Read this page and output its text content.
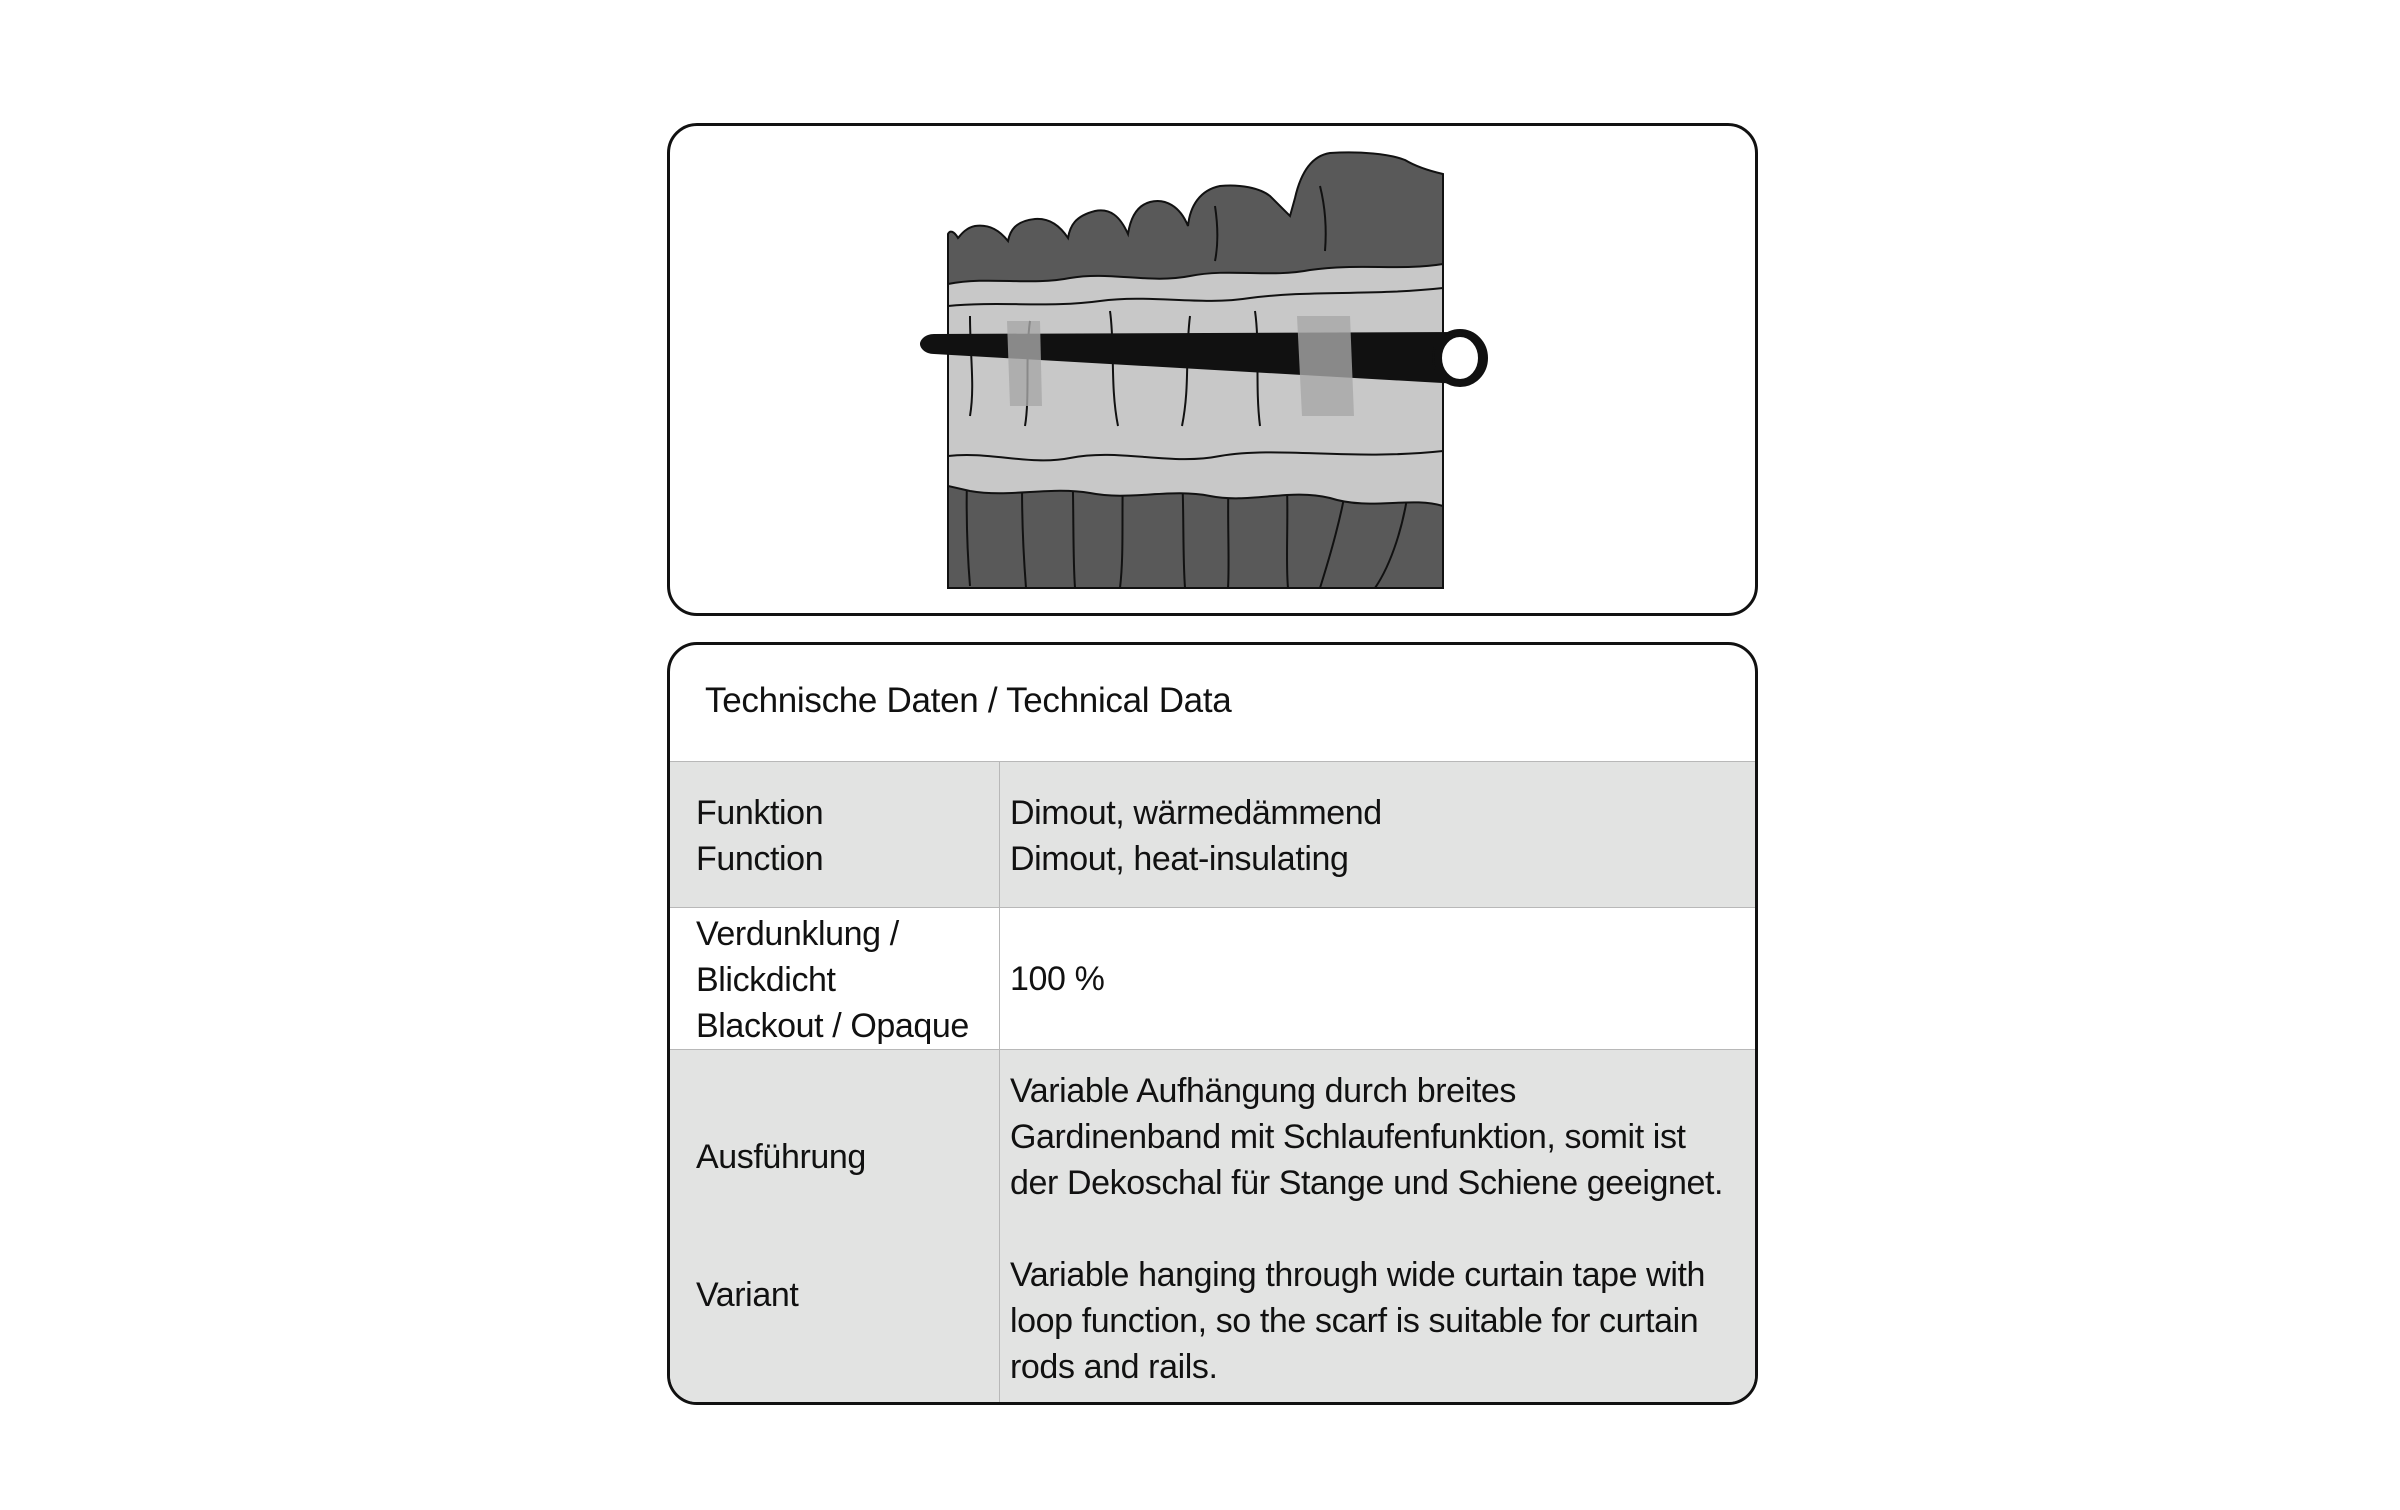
Technische Daten / Technical Data
Funktion
Function
Dimout, wärmedämmend
Dimout, heat-insulating
Verdunklung /
Blickdicht
Blackout / Opaque
100 %
Ausführung
Variant
Variable Aufhängung durch breites
Gardinenband mit Schlaufenfunktion, somit ist
der Dekoschal für Stange und Schiene geeignet.
Variable hanging through wide curtain tape with
loop function, so the scarf is suitable for curtain
rods and rails.
